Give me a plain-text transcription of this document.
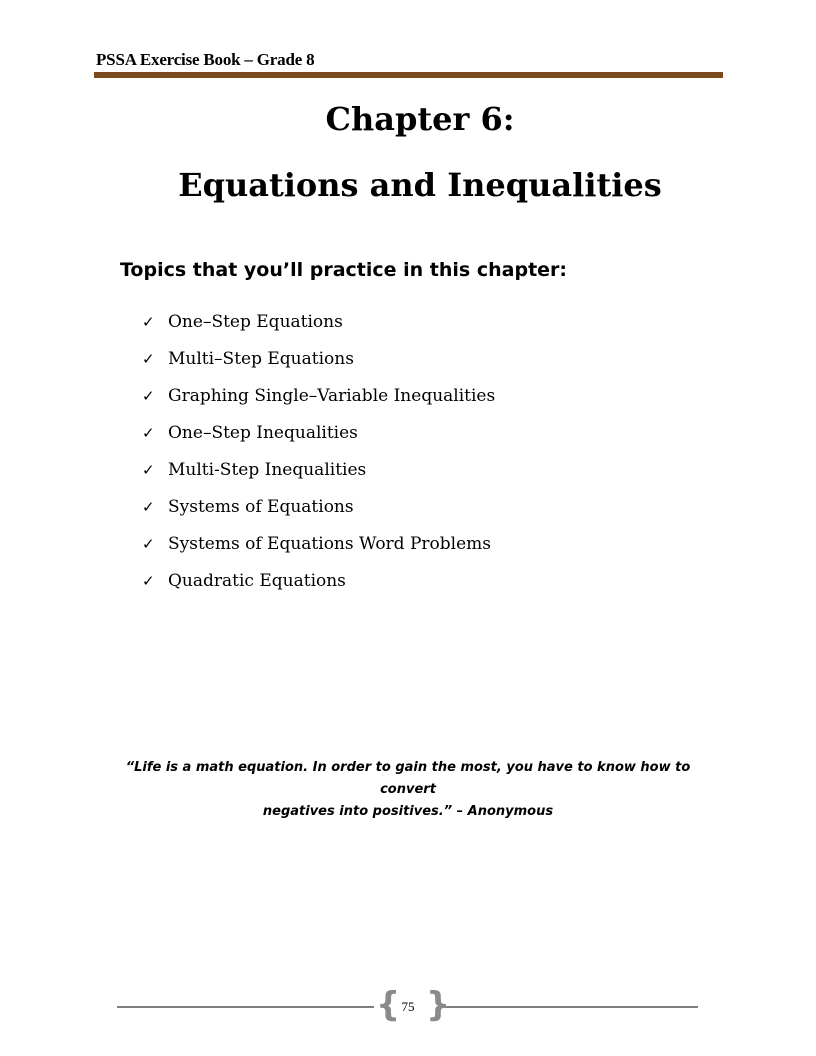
PSSA Exercise Book – Grade 8
Chapter 6:
Equations and Inequalities
Topics that you’ll practice in this chapter:
✓ One–Step Equations
✓ Multi–Step Equations
✓ Graphing Single–Variable Inequalities
✓ One–Step Inequalities
✓ Multi-Step Inequalities
✓ Systems of Equations
✓ Systems of Equations Word Problems
✓ Quadratic Equations
“Life is a math equation. In order to gain the most, you have to know how to convert
negatives into positives.” – Anonymous
{ 75 }
